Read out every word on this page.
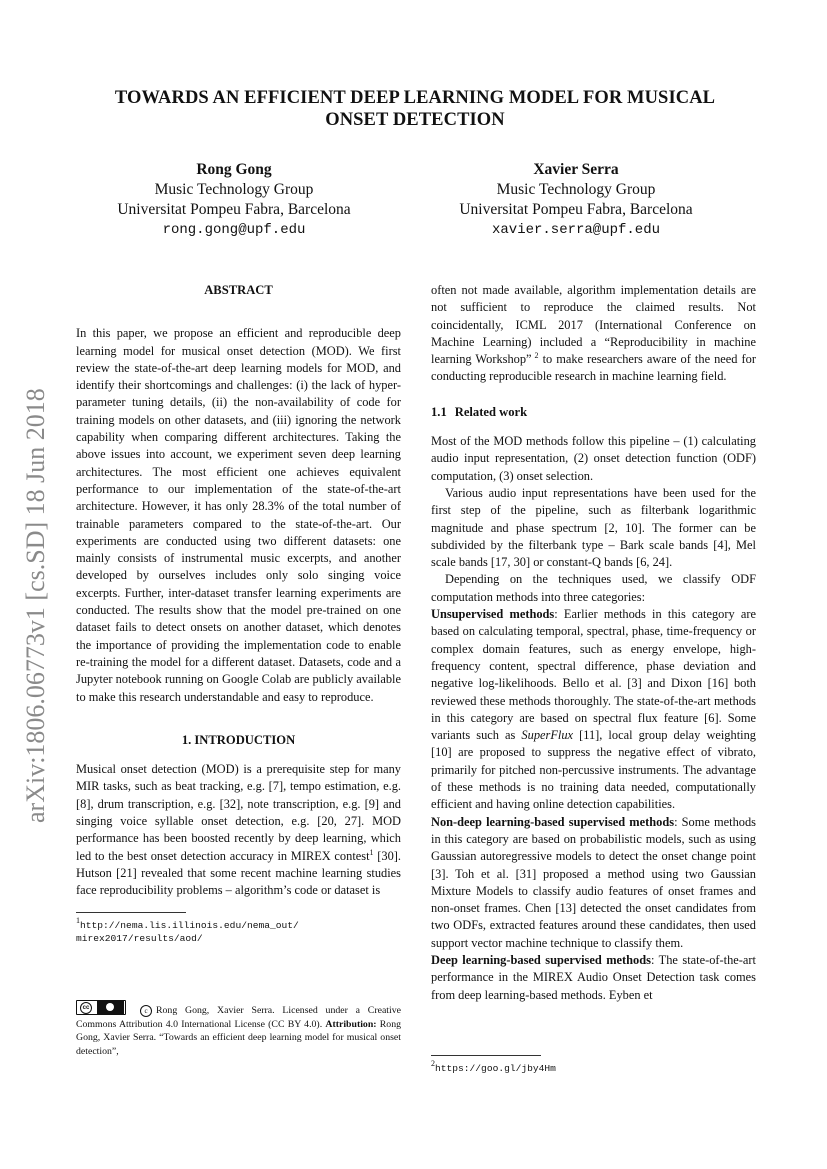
arXiv:1806.06773v1 [cs.SD] 18 Jun 2018
TOWARDS AN EFFICIENT DEEP LEARNING MODEL FOR MUSICAL
ONSET DETECTION
Rong Gong
Music Technology Group
Universitat Pompeu Fabra, Barcelona
rong.gong@upf.edu
Xavier Serra
Music Technology Group
Universitat Pompeu Fabra, Barcelona
xavier.serra@upf.edu
ABSTRACT

In this paper, we propose an efficient and reproducible deep learning model for musical onset detection (MOD). We first review the state-of-the-art deep learning models for MOD, and identify their shortcomings and challenges: (i) the lack of hyper-parameter tuning details, (ii) the non-availability of code for training models on other datasets, and (iii) ignoring the network capability when comparing different architectures. Taking the above issues into account, we experiment seven deep learning architectures. The most efficient one achieves equivalent performance to our implementation of the state-of-the-art architecture. However, it has only 28.3% of the total number of trainable parameters compared to the state-of-the-art. Our experiments are conducted using two different datasets: one mainly consists of instrumental music excerpts, and another developed by ourselves includes only solo singing voice excerpts. Further, inter-dataset transfer learning experiments are conducted. The results show that the model pre-trained on one dataset fails to detect onsets on another dataset, which denotes the importance of providing the implementation code to enable re-training the model for a different dataset. Datasets, code and a Jupyter notebook running on Google Colab are publicly available to make this research understandable and easy to reproduce.

1. INTRODUCTION

Musical onset detection (MOD) is a prerequisite step for many MIR tasks, such as beat tracking, e.g. [7], tempo estimation, e.g. [8], drum transcription, e.g. [32], note transcription, e.g. [9] and singing voice syllable onset detection, e.g. [20, 27]. MOD performance has been boosted recently by deep learning, which led to the best onset detection accuracy in MIREX contest$^1$ [30]. Hutson [21] revealed that some recent machine learning studies face reproducibility problems – algorithm’s code or dataset is

$^1$http://nema.lis.illinois.edu/nema_out/
mirex2017/results/aod/
cc	c Rong Gong, Xavier Serra. Licensed under a Creative Commons Attribution 4.0 International License (CC BY 4.0). Attribution: Rong Gong, Xavier Serra. “Towards an efficient deep learning model for musical onset detection”,

often not made available, algorithm implementation details are not sufficient to reproduce the claimed results. Not coincidentally, ICML 2017 (International Conference on Machine Learning) included a “Reproducibility in machine learning Workshop” $^2$ to make researchers aware of the need for conducting reproducible research in machine learning field.

1.1 Related work

Most of the MOD methods follow this pipeline – (1) calculating audio input representation, (2) onset detection function (ODF) computation, (3) onset selection.

Various audio input representations have been used for the first step of the pipeline, such as filterbank logarithmic magnitude and phase spectrum [2, 10]. The former can be subdivided by the filterbank type – Bark scale bands [4], Mel scale bands [17, 30] or constant-Q bands [6, 24].

Depending on the techniques used, we classify ODF computation methods into three categories:

Unsupervised methods: Earlier methods in this category are based on calculating temporal, spectral, phase, time-frequency or complex domain features, such as energy envelope, high-frequency content, spectral difference, phase deviation and negative log-likelihoods. Bello et al. [3] and Dixon [16] both reviewed these methods thoroughly. The state-of-the-art methods in this category are based on spectral flux feature [6]. Some variants such as SuperFlux [11], local group delay weighting [10] are proposed to suppress the negative effect of vibrato, primarily for pitched non-percussive instruments. The advantage of these methods is no training data needed, computationally efficient and having online detection capabilities.

Non-deep learning-based supervised methods: Some methods in this category are based on probabilistic models, such as using Gaussian autoregressive models to detect the onset change point [3]. Toh et al. [31] proposed a method using two Gaussian Mixture Models to classify audio features of onset frames and non-onset frames. Chen [13] detected the onset candidates from two ODFs, extracted features around these candidates, then used support vector machine technique to classify them.

Deep learning-based supervised methods: The state-of-the-art performance in the MIREX Audio Onset Detection task comes from deep learning-based methods. Eyben et

$^2$https://goo.gl/jby4Hm
